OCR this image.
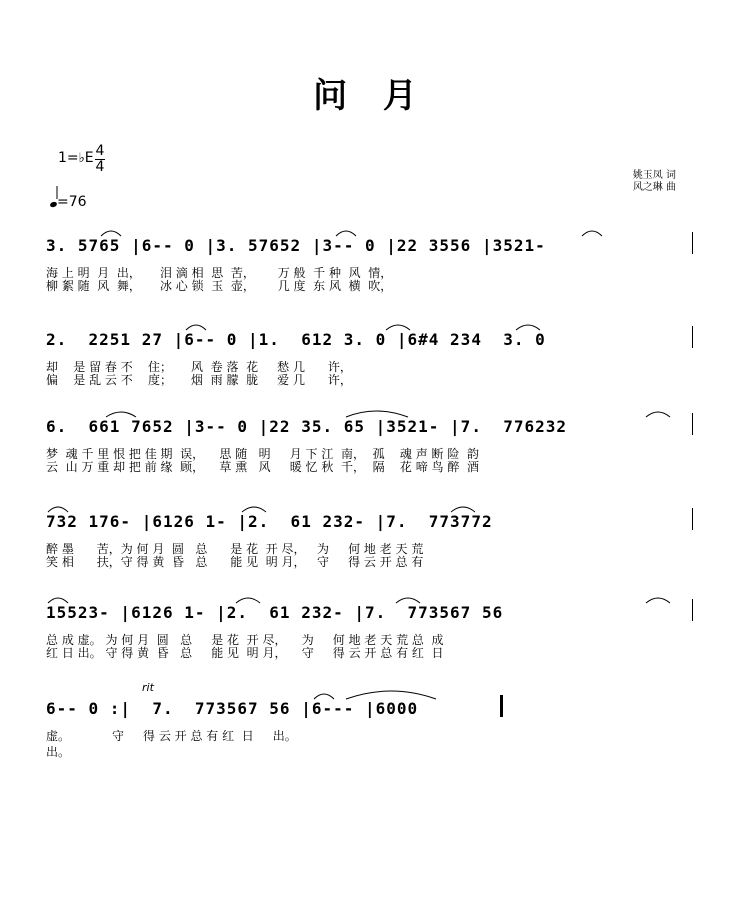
问 月
1=♭E 4
4
=76
姚玉凤 词
风之琳 曲
3. 5765 |6-- 0 |3. 57652 |3-- 0 |22 3556 |3521-
海 上 明  月  出，     泪 滴 相  思  苦，      万 般  千 种  风  情，
柳 絮 随  风  舞，     冰 心 锁  玉  壶，      几 度  东 风  横  吹，
2.  2251 27 |6-- 0 |1.  612 3. 0 |6#4 234  3. 0
却    是 留 春 不    住；     风  卷 落  花     愁 几      许，
偏    是 乱 云 不    度；     烟  雨 朦  胧     爱 几      许，
6.  661 7652 |3-- 0 |22 35. 65 |3521- |7.  776232
梦  魂 千 里 恨 把 佳 期  误，    思 随   明     月 下 江  南，  孤    魂 声 断 险  韵
云  山 万 重 却 把 前 缘  顾，    草 熏   风     暖 忆 秋  千，  隔    花 啼 鸟 醉  酒
732 176- |6126 1- |2.  61 232- |7.  773772
醉 墨      苦，为 何 月  圆   总      是 花  开 尽，   为     何 地 老 天 荒
笑 相      扶，守 得 黄  昏   总      能 见  明 月，   守     得 云 开 总 有
15523- |6126 1- |2.  61 232- |7.  773567 56
总 成 虚。 为 何 月  圆   总     是 花  开 尽，    为     何 地 老 天 荒 总  成
红 日 出。 守 得 黄  昏   总     能 见  明 月，    守     得 云 开 总 有 红  日
rit
6-- 0 :|  7.  773567 56 |6--- |6000
虚。           守     得 云 开 总 有 红  日     出。
出。
